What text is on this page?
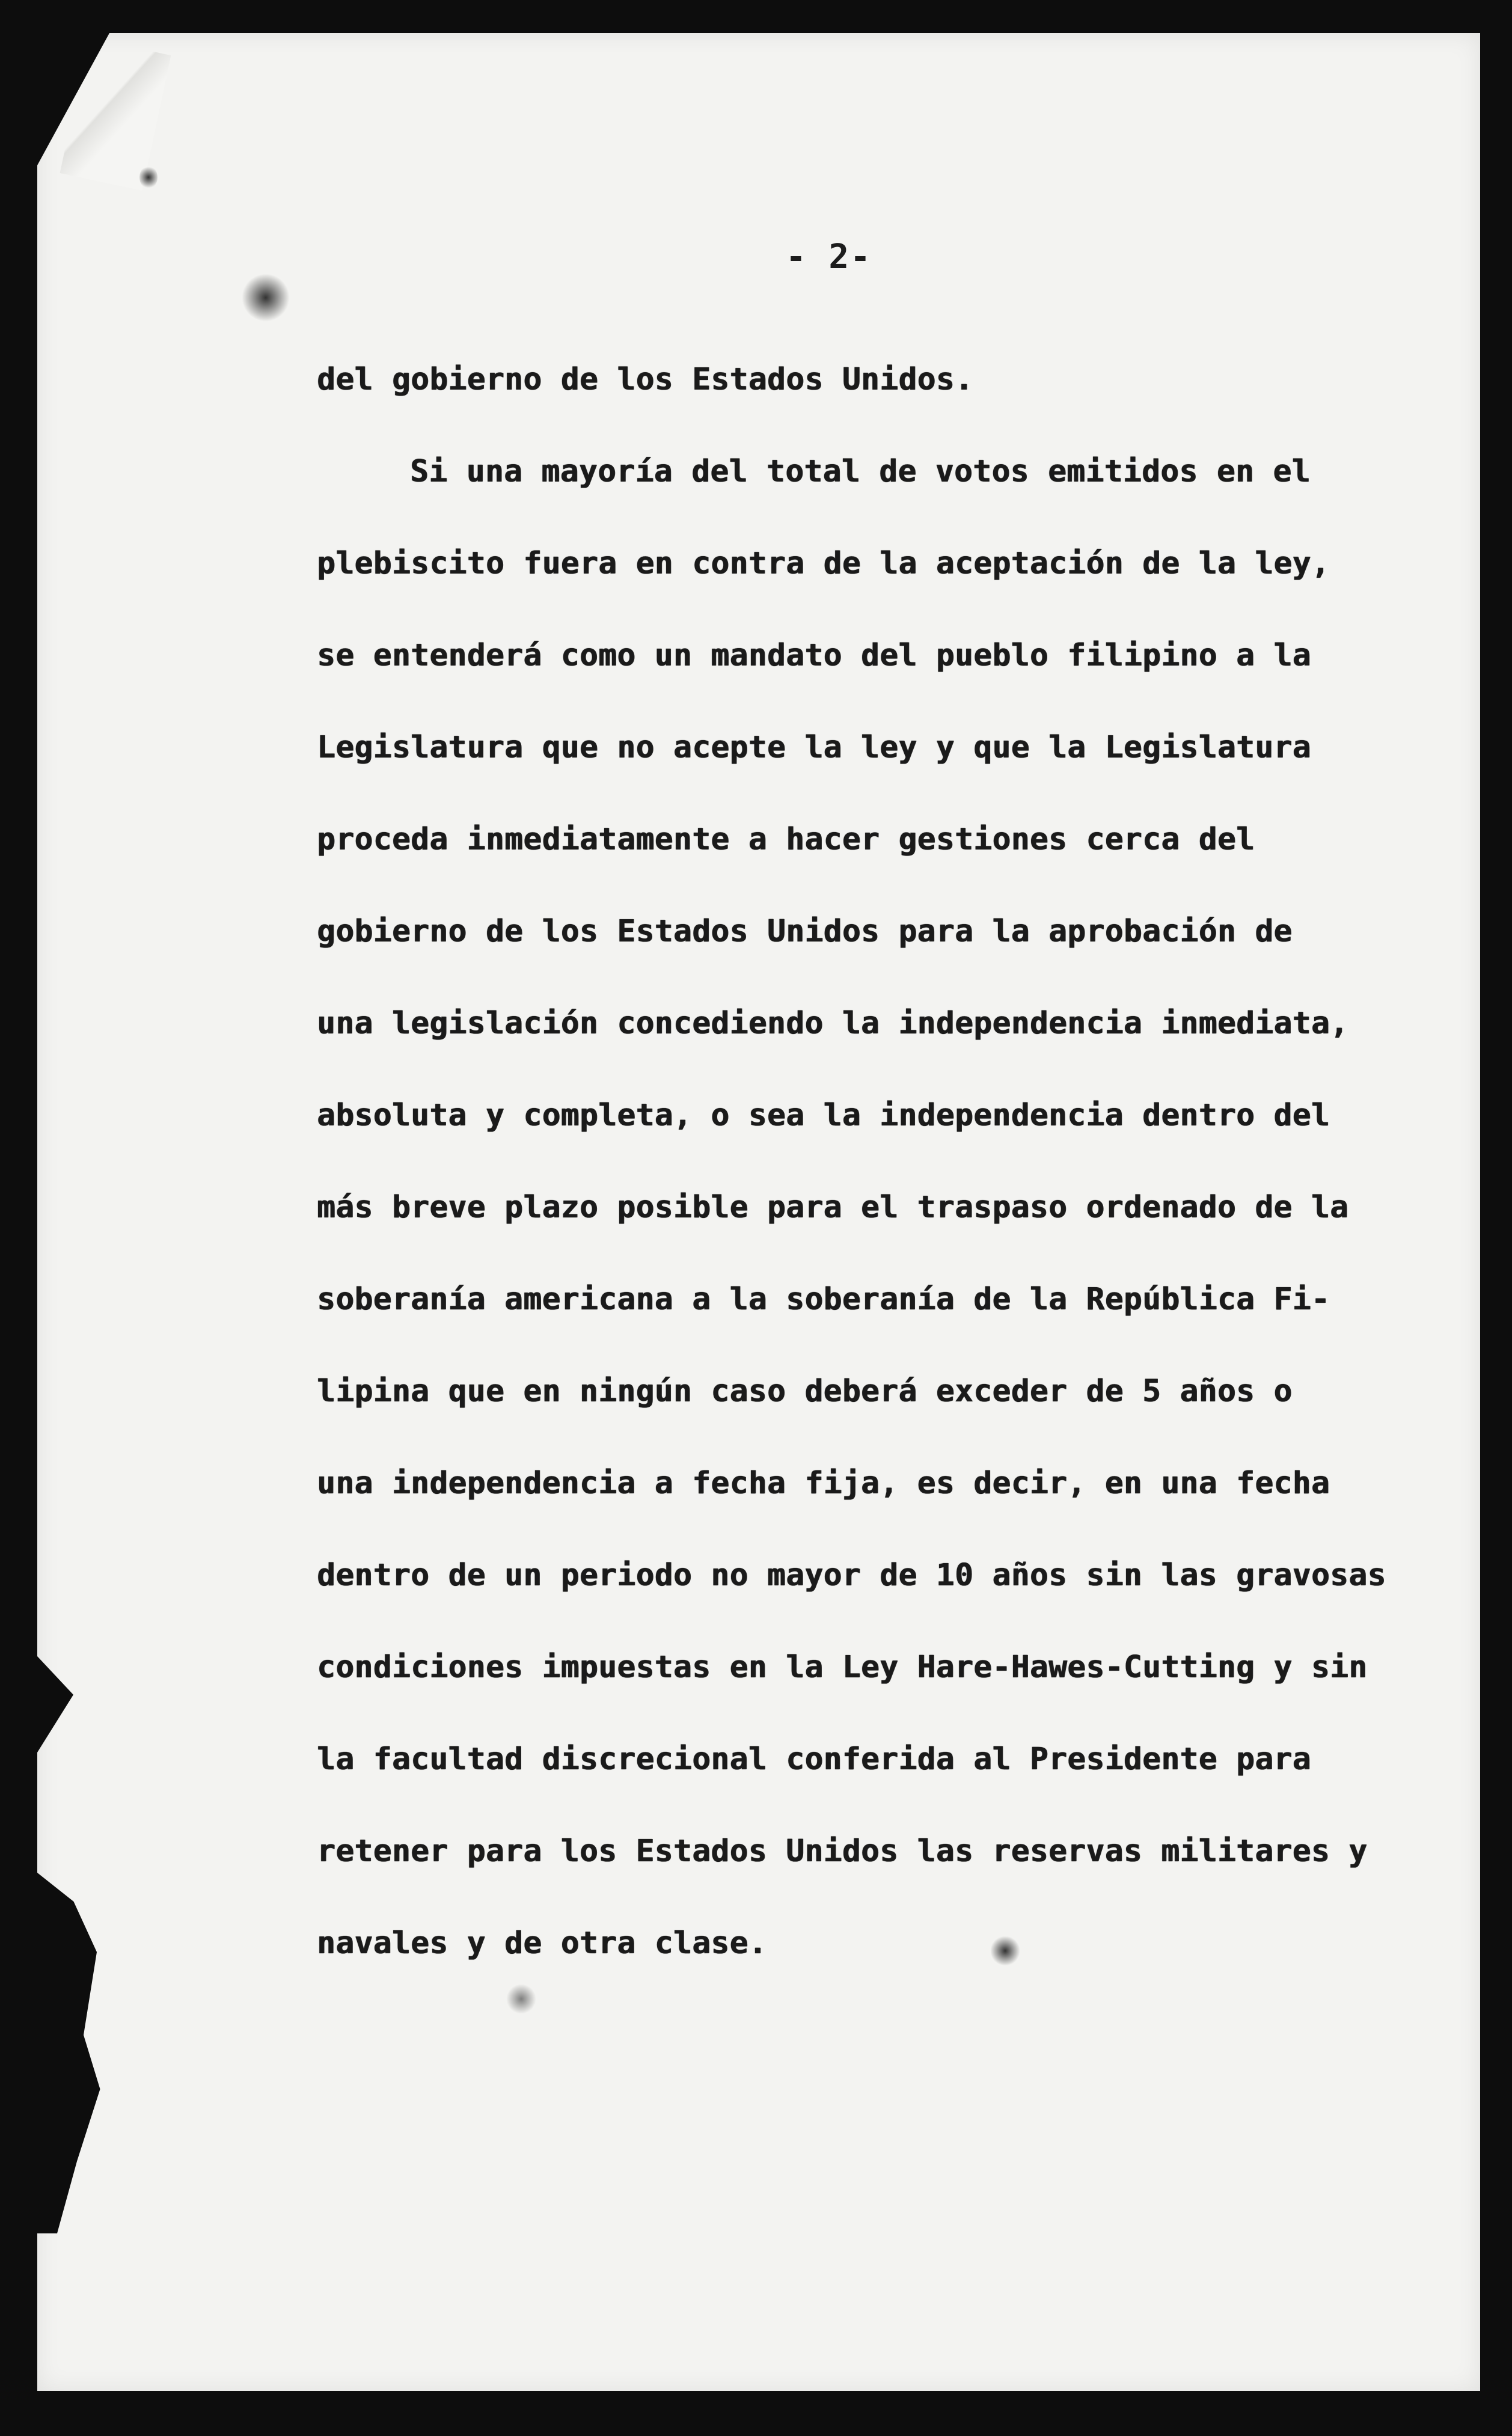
- 2-
del gobierno de los Estados Unidos.
Si una mayoría del total de votos emitidos en el
plebiscito fuera en contra de la aceptación de la ley,
se entenderá como un mandato del pueblo filipino a la
Legislatura que no acepte la ley y que la Legislatura
proceda inmediatamente a hacer gestiones cerca del
gobierno de los Estados Unidos para la aprobación de
una legislación concediendo la independencia inmediata,
absoluta y completa, o sea la independencia dentro del
más breve plazo posible para el traspaso ordenado de la
soberanía americana a la soberanía de la República Fi-
lipina que en ningún caso deberá exceder de 5 años o
una independencia a fecha fija, es decir, en una fecha
dentro de un periodo no mayor de 10 años sin las gravosas
condiciones impuestas en la Ley Hare-Hawes-Cutting y sin
la facultad discrecional conferida al Presidente para
retener para los Estados Unidos las reservas militares y
navales y de otra clase.
